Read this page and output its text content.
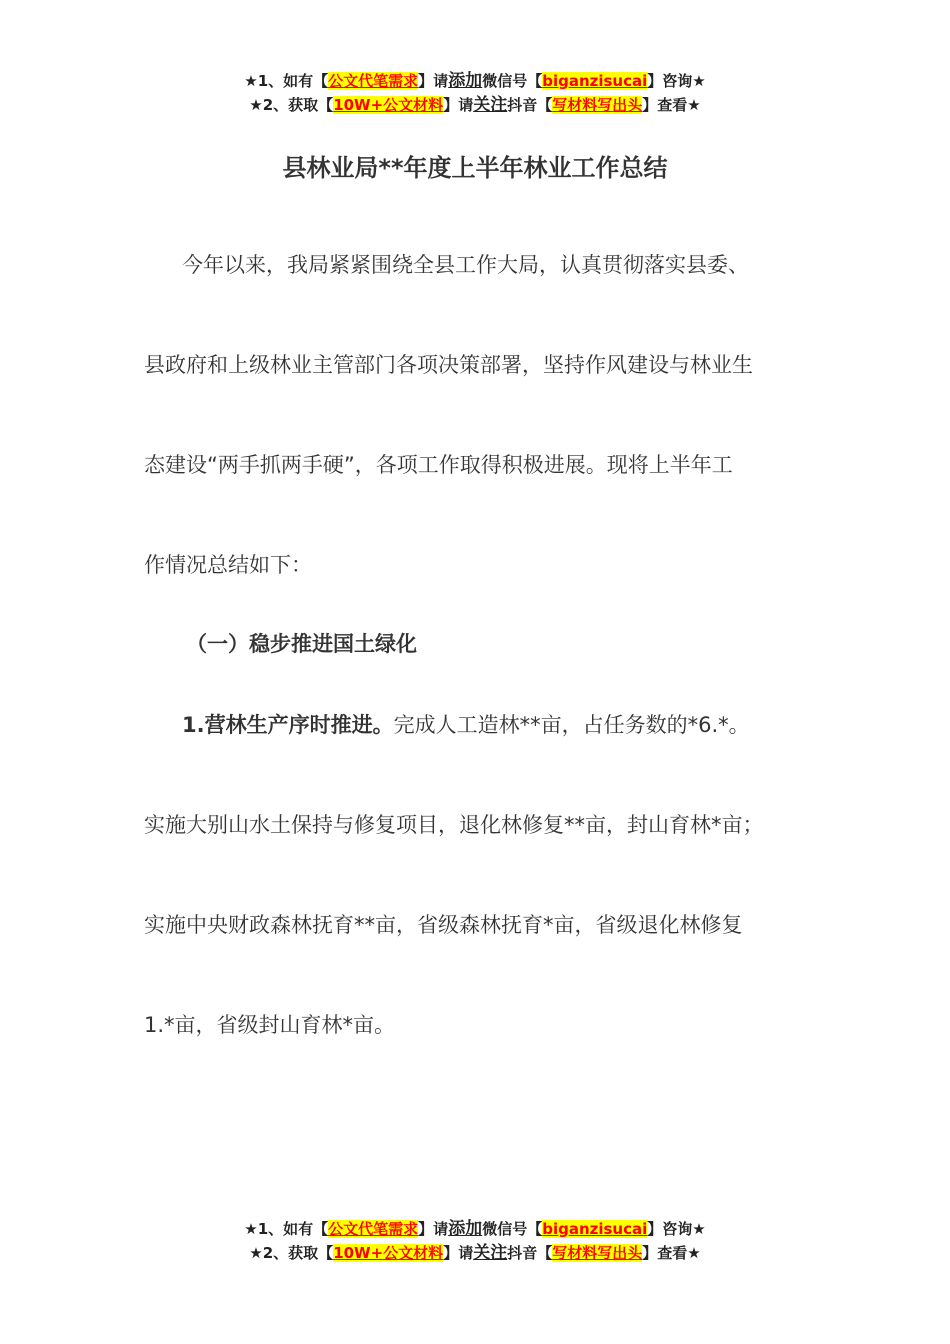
★1、如有【公文代笔需求】请添加微信号【biganzisucai】咨询★
★2、获取【10W+公文材料】请关注抖音【写材料写出头】查看★
县林业局**年度上半年林业工作总结

今年以来，我局紧紧围绕全县工作大局，认真贯彻落实县委、

县政府和上级林业主管部门各项决策部署，坚持作风建设与林业生

态建设“两手抓两手硬”，各项工作取得积极进展。现将上半年工

作情况总结如下：

（一）稳步推进国土绿化

1.营林生产序时推进。完成人工造林**亩，占任务数的*6.*。

实施大别山水土保持与修复项目，退化林修复**亩，封山育林*亩；

实施中央财政森林抚育**亩，省级森林抚育*亩，省级退化林修复

1.*亩，省级封山育林*亩。

★1、如有【公文代笔需求】请添加微信号【biganzisucai】咨询★
★2、获取【10W+公文材料】请关注抖音【写材料写出头】查看★
